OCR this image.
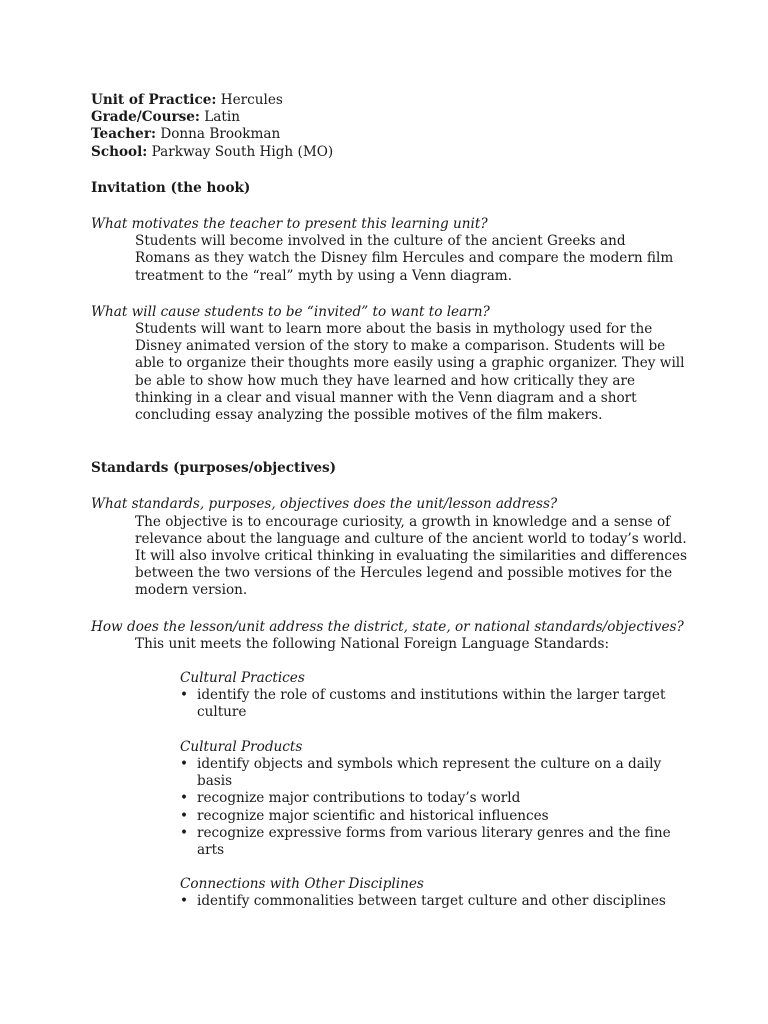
Unit of Practice: Hercules
Grade/Course: Latin
Teacher: Donna Brookman
School: Parkway South High (MO)
Invitation (the hook)
What motivates the teacher to present this learning unit?

Students will become involved in the culture of the ancient Greeks and

Romans as they watch the Disney film Hercules and compare the modern film

treatment to the “real” myth by using a Venn diagram.

What will cause students to be “invited” to want to learn?

Students will want to learn more about the basis in mythology used for the

Disney animated version of the story to make a comparison. Students will be

able to organize their thoughts more easily using a graphic organizer. They will

be able to show how much they have learned and how critically they are

thinking in a clear and visual manner with the Venn diagram and a short

concluding essay analyzing the possible motives of the film makers.

Standards (purposes/objectives)
What standards, purposes, objectives does the unit/lesson address?

The objective is to encourage curiosity, a growth in knowledge and a sense of

relevance about the language and culture of the ancient world to today’s world.

It will also involve critical thinking in evaluating the similarities and differences

between the two versions of the Hercules legend and possible motives for the

modern version.

How does the lesson/unit address the district, state, or national standards/objectives?

This unit meets the following National Foreign Language Standards:

Cultural Practices
• identify the role of customs and institutions within the larger target
culture
Cultural Products
• identify objects and symbols which represent the culture on a daily
basis
• recognize major contributions to today’s world
• recognize major scientific and historical influences
• recognize expressive forms from various literary genres and the fine
arts
Connections with Other Disciplines
• identify commonalities between target culture and other disciplines
